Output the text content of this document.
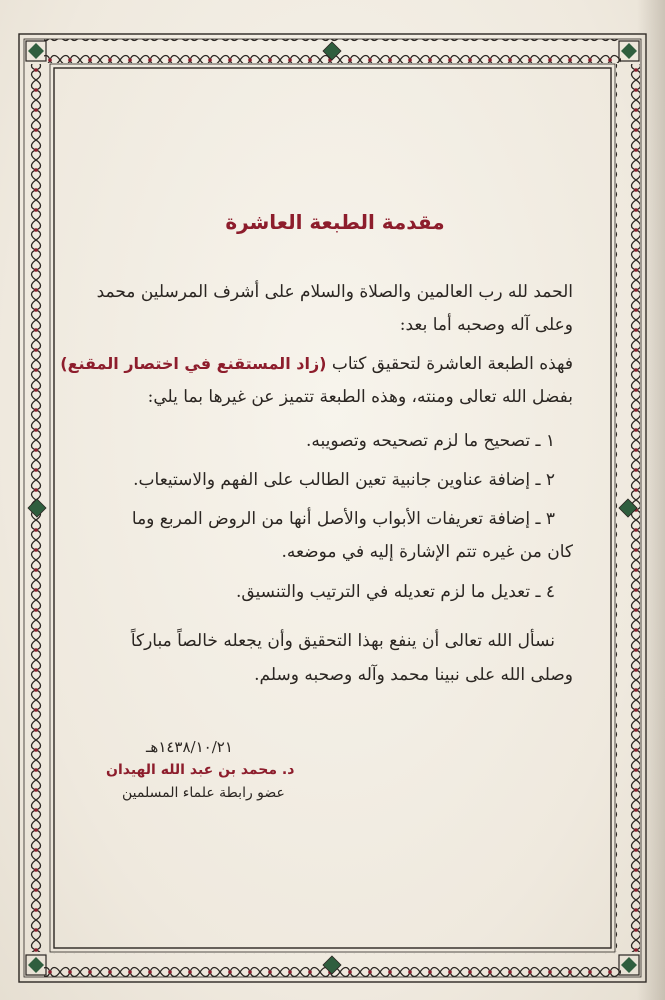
مقدمة الطبعة العاشرة
الحمد لله رب العالمين والصلاة والسلام على أشرف المرسلين محمد
وعلى آله وصحبه أما بعد:
فهذه الطبعة العاشرة لتحقيق كتاب (زاد المستقنع في اختصار المقنع)
بفضل الله تعالى ومنته، وهذه الطبعة تتميز عن غيرها بما يلي:
١ ـ تصحيح ما لزم تصحيحه وتصويبه.
٢ ـ إضافة عناوين جانبية تعين الطالب على الفهم والاستيعاب.
٣ ـ إضافة تعريفات الأبواب والأصل أنها من الروض المربع وما
كان من غيره تتم الإشارة إليه في موضعه.
٤ ـ تعديل ما لزم تعديله في الترتيب والتنسيق.
نسأل الله تعالى أن ينفع بهذا التحقيق وأن يجعله خالصاً مباركاً
وصلى الله على نبينا محمد وآله وصحبه وسلم.
١٤٣٨/١٠/٢١هـ
د. محمد بن عبد الله الهيدان
عضو رابطة علماء المسلمين
